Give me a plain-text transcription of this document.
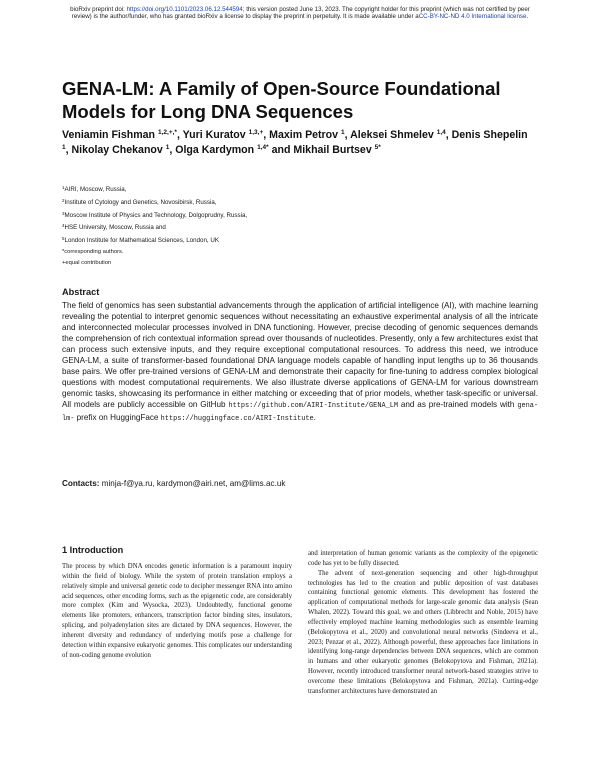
bioRxiv preprint doi: https://doi.org/10.1101/2023.06.12.544594; this version posted June 13, 2023. The copyright holder for this preprint (which was not certified by peer review) is the author/funder, who has granted bioRxiv a license to display the preprint in perpetuity. It is made available under aCC-BY-NC-ND 4.0 International license.
GENA-LM: A Family of Open-Source Foundational Models for Long DNA Sequences
Veniamin Fishman $^{1,2,+,*}$, Yuri Kuratov $^{1,3,+}$, Maxim Petrov $^1$, Aleksei Shmelev $^{1,4}$, Denis Shepelin $^1$, Nikolay Chekanov $^1$, Olga Kardymon $^{1,4*}$ and Mikhail Burtsev $^{5*}$
$^1$AIRI, Moscow, Russia,
$^2$Institute of Cytology and Genetics, Novosibirsk, Russia,
$^3$Moscow Institute of Physics and Technology, Dolgoprudny, Russia,
$^4$HSE University, Moscow, Russia and
$^5$London Institute for Mathematical Sciences, London, UK
*corresponding authors.
+equal contribution
Abstract

The field of genomics has seen substantial advancements through the application of artificial intelligence (AI), with machine learning revealing the potential to interpret genomic sequences without necessitating an exhaustive experimental analysis of all the intricate and interconnected molecular processes involved in DNA functioning. However, precise decoding of genomic sequences demands the comprehension of rich contextual information spread over thousands of nucleotides. Presently, only a few architectures exist that can process such extensive inputs, and they require exceptional computational resources. To address this need, we introduce GENA-LM, a suite of transformer-based foundational DNA language models capable of handling input lengths up to 36 thousands base pairs. We offer pre-trained versions of GENA-LM and demonstrate their capacity for fine-tuning to address complex biological questions with modest computational requirements. We also illustrate diverse applications of GENA-LM for various downstream genomic tasks, showcasing its performance in either matching or exceeding that of prior models, whether task-specific or universal. All models are publicly accessible on GitHub https://github.com/AIRI-Institute/GENA_LM and as pre-trained models with gena-lm- prefix on HuggingFace https://huggingface.co/AIRI-Institute.

Contacts: minja-f@ya.ru, kardymon@airi.net, am@lims.ac.uk
1 Introduction

The process by which DNA encodes genetic information is a paramount inquiry within the field of biology. While the system of protein translation employs a relatively simple and universal genetic code to decipher messenger RNA into amino acid sequences, other encoding forms, such as the epigenetic code, are considerably more complex (Kim and Wysocka, 2023). Undoubtedly, functional genome elements like promoters, enhancers, transcription factor binding sites, insulators, splicing, and polyadenylation sites are dictated by DNA sequences. However, the inherent diversity and redundancy of underlying motifs pose a challenge for detection within expansive eukaryotic genomes. This complicates our understanding of non-coding genome evolution

and interpretation of human genomic variants as the complexity of the epigenetic code has yet to be fully dissected.

The advent of next-generation sequencing and other high-throughput technologies has led to the creation and public deposition of vast databases containing functional genomic elements. This development has fostered the application of computational methods for large-scale genomic data analysis (Sean Whalen, 2022). Toward this goal, we and others (Libbrecht and Noble, 2015) have effectively employed machine learning methodologies such as ensemble learning (Belokopytova et al., 2020) and convolutional neural networks (Sindeeva et al., 2023; Penzar et al., 2022). Although powerful, these approaches face limitations in identifying long-range dependencies between DNA sequences, which are common in humans and other eukaryotic genomes (Belokopytova and Fishman, 2021a). However, recently introduced transformer neural network-based strategies strive to overcome these limitations (Belokopytova and Fishman, 2021a). Cutting-edge transformer architectures have demonstrated an
